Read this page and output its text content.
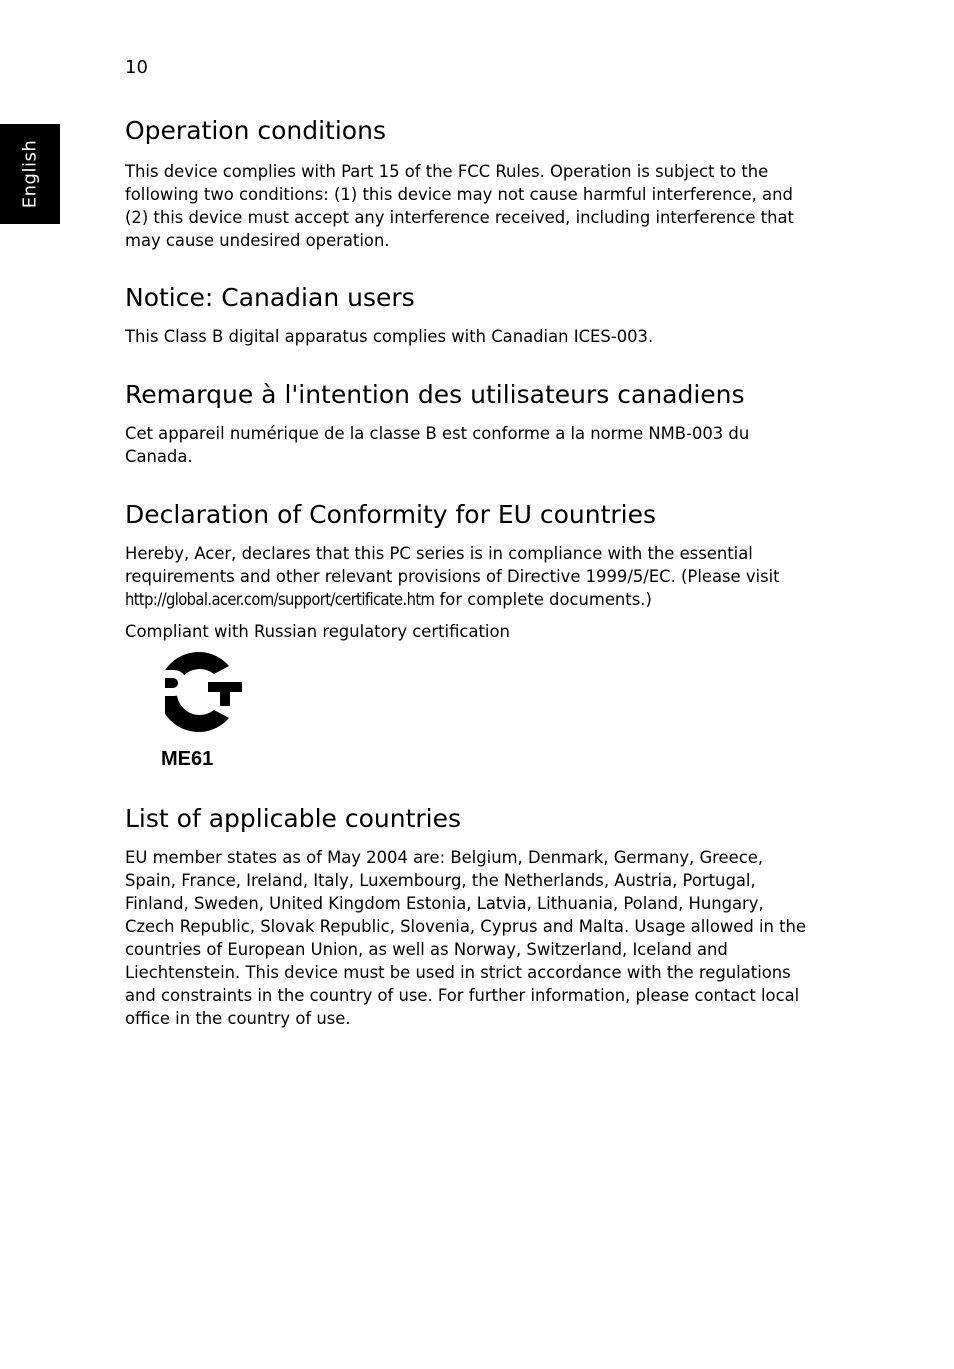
10
English
Operation conditions

This device complies with Part 15 of the FCC Rules. Operation is subject to the following two conditions: (1) this device may not cause harmful interference, and (2) this device must accept any interference received, including interference that may cause undesired operation.

Notice: Canadian users

This Class B digital apparatus complies with Canadian ICES-003.

Remarque à l'intention des utilisateurs canadiens

Cet appareil numérique de la classe B est conforme a la norme NMB-003 du Canada.

Declaration of Conformity for EU countries

Hereby, Acer, declares that this PC series is in compliance with the essential requirements and other relevant provisions of Directive 1999/5/EC. (Please visit http://global.acer.com/support/certificate.htm for complete documents.)

Compliant with Russian regulatory certification

List of applicable countries

EU member states as of May 2004 are: Belgium, Denmark, Germany, Greece, Spain, France, Ireland, Italy, Luxembourg, the Netherlands, Austria, Portugal, Finland, Sweden, United Kingdom Estonia, Latvia, Lithuania, Poland, Hungary, Czech Republic, Slovak Republic, Slovenia, Cyprus and Malta. Usage allowed in the countries of European Union, as well as Norway, Switzerland, Iceland and Liechtenstein. This device must be used in strict accordance with the regulations and constraints in the country of use. For further information, please contact local office in the country of use.

ME61
